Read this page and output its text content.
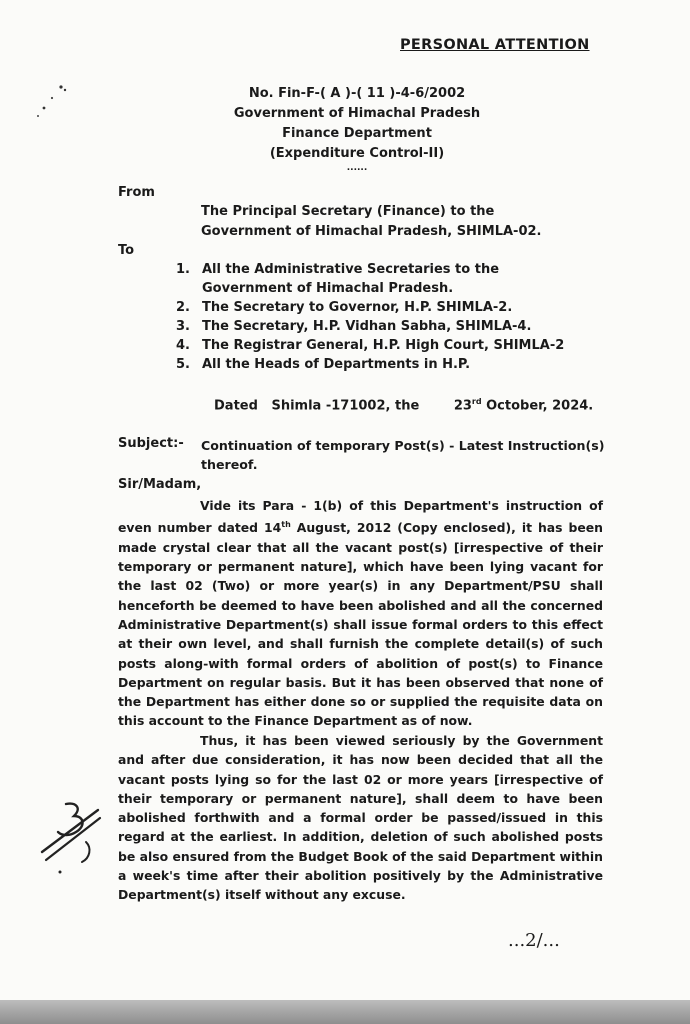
PERSONAL ATTENTION
No. Fin-F-( A )-( 11 )-4-6/2002
Government of Himachal Pradesh
Finance Department
(Expenditure Control-II)
......
From
The Principal Secretary (Finance) to the
Government of Himachal Pradesh, SHIMLA-02.
To
1. All the Administrative Secretaries to the
Government of Himachal Pradesh.
2. The Secretary to Governor, H.P. SHIMLA-2.
3. The Secretary, H.P. Vidhan Sabha, SHIMLA-4.
4. The Registrar General, H.P. High Court, SHIMLA-2
5. All the Heads of Departments in H.P.
Dated Shimla -171002, the	23rd October, 2024.
Subject:- Continuation of temporary Post(s) - Latest Instruction(s) thereof.
Sir/Madam,

Vide its Para - 1(b) of this Department's instruction of even number dated 14th August, 2012 (Copy enclosed), it has been made crystal clear that all the vacant post(s) [irrespective of their temporary or permanent nature], which have been lying vacant for the last 02 (Two) or more year(s) in any Department/PSU shall henceforth be deemed to have been abolished and all the concerned Administrative Department(s) shall issue formal orders to this effect at their own level, and shall furnish the complete detail(s) of such posts along-with formal orders of abolition of post(s) to Finance Department on regular basis. But it has been observed that none of the Department has either done so or supplied the requisite data on this account to the Finance Department as of now.

Thus, it has been viewed seriously by the Government and after due consideration, it has now been decided that all the vacant posts lying so for the last 02 or more years [irrespective of their temporary or permanent nature], shall deem to have been abolished forthwith and a formal order be passed/issued in this regard at the earliest. In addition, deletion of such abolished posts be also ensured from the Budget Book of the said Department within a week's time after their abolition positively by the Administrative Department(s) itself without any excuse.

...2/...
